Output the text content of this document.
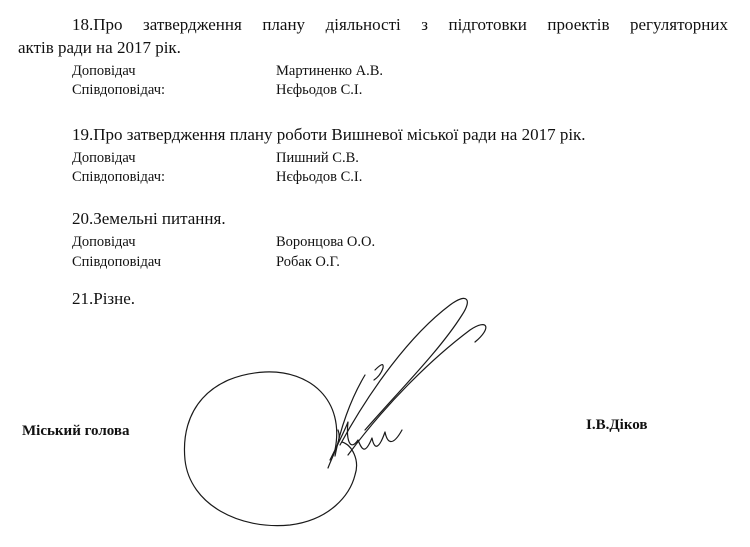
18.Про затвердження плану діяльності з підготовки проектів регуляторних
актів ради на 2017 рік.
Доповідач	Мартиненко А.В.
Співдоповідач:	Нєфьодов С.І.
19.Про затвердження плану роботи Вишневої міської ради на 2017 рік.
Доповідач	Пишний С.В.
Співдоповідач:	Нєфьодов С.І.
20.Земельні питання.
Доповідач	Воронцова О.О.
Співдоповідач	Робак О.Г.
21.Різне.
Міський голова	І.В.Діков
